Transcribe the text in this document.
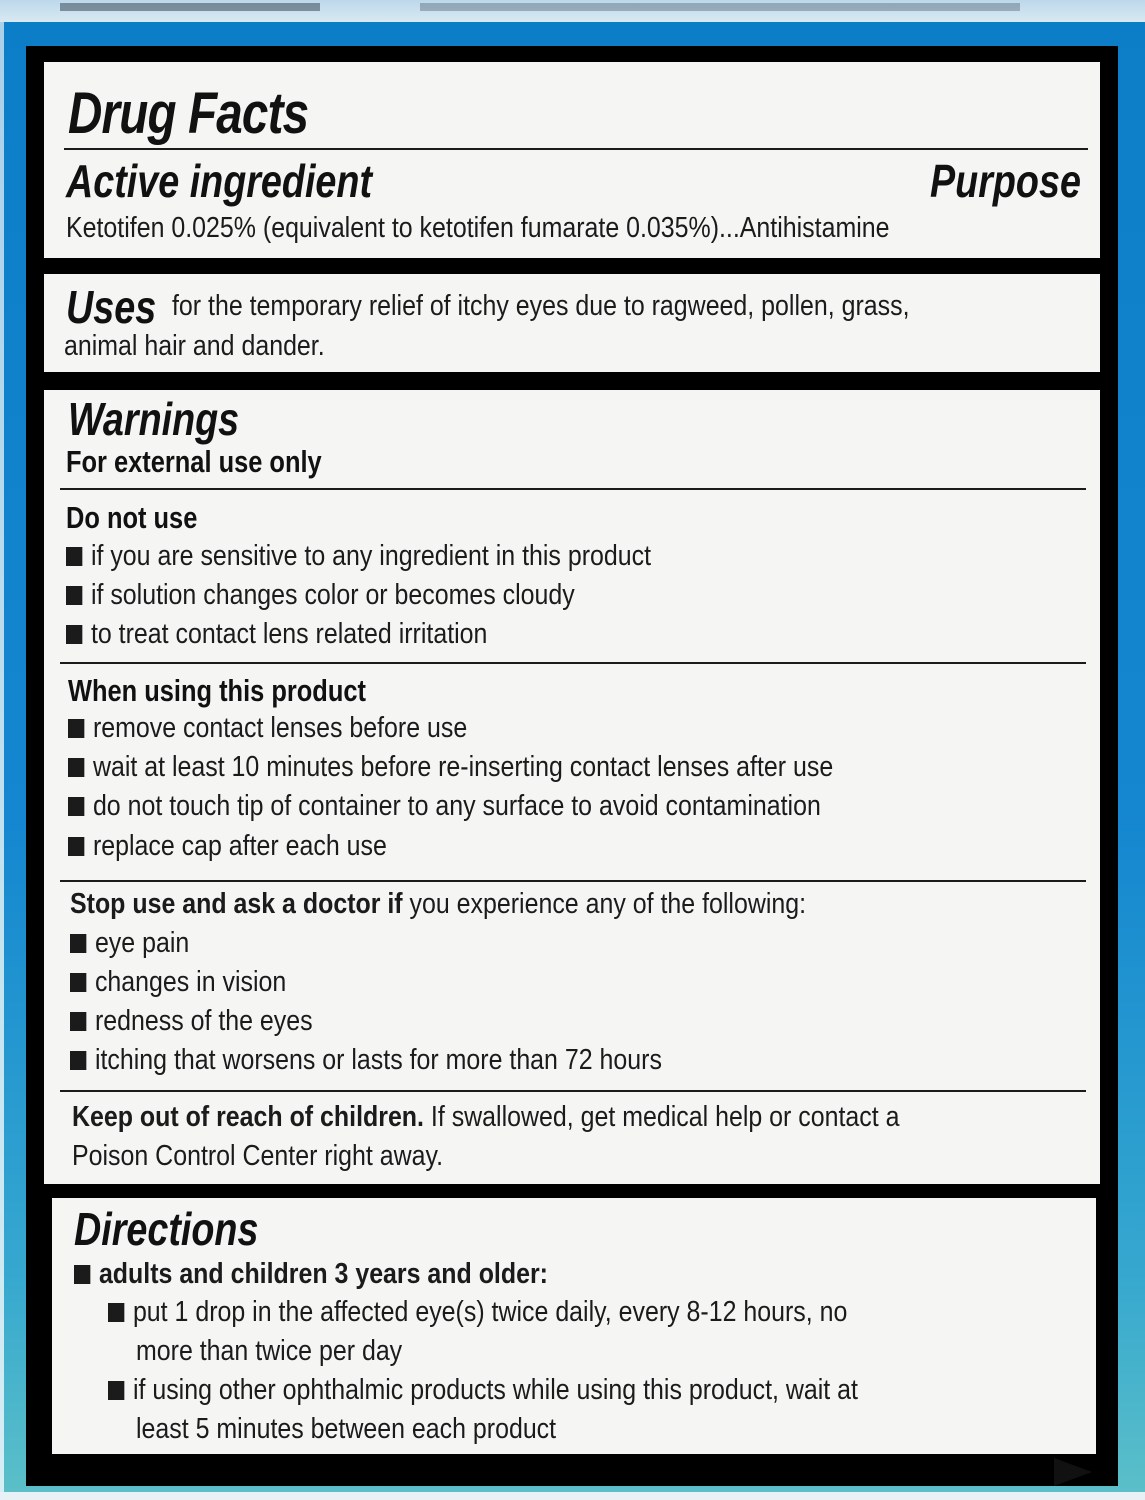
Drug Facts
Active ingredient	Purpose
Ketotifen 0.025% (equivalent to ketotifen fumarate 0.035%)...Antihistamine
Uses for the temporary relief of itchy eyes due to ragweed, pollen, grass,
animal hair and dander.
Warnings
For external use only
Do not use
if you are sensitive to any ingredient in this product
if solution changes color or becomes cloudy
to treat contact lens related irritation
When using this product
remove contact lenses before use
wait at least 10 minutes before re-inserting contact lenses after use
do not touch tip of container to any surface to avoid contamination
replace cap after each use
Stop use and ask a doctor if you experience any of the following:
eye pain
changes in vision
redness of the eyes
itching that worsens or lasts for more than 72 hours
Keep out of reach of children. If swallowed, get medical help or contact a
Poison Control Center right away.
Directions
adults and children 3 years and older:
put 1 drop in the affected eye(s) twice daily, every 8-12 hours, no
more than twice per day
if using other ophthalmic products while using this product, wait at
least 5 minutes between each product
